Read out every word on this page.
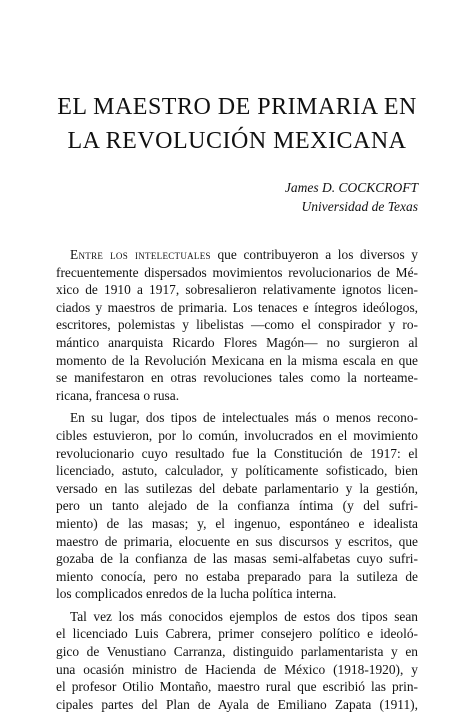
EL MAESTRO DE PRIMARIA EN
LA REVOLUCIÓN MEXICANA
James D. COCKCROFT
Universidad de Texas
Entre los intelectuales que contribuyeron a los diversos y
frecuentemente dispersados movimientos revolucionarios de Mé-
xico de 1910 a 1917, sobresalieron relativamente ignotos licen-
ciados y maestros de primaria. Los tenaces e íntegros ideólogos,
escritores, polemistas y libelistas —como el conspirador y ro-
mántico anarquista Ricardo Flores Magón— no surgieron al
momento de la Revolución Mexicana en la misma escala en que
se manifestaron en otras revoluciones tales como la norteame-
ricana, francesa o rusa.
En su lugar, dos tipos de intelectuales más o menos recono-
cibles estuvieron, por lo común, involucrados en el movimiento
revolucionario cuyo resultado fue la Constitución de 1917: el
licenciado, astuto, calculador, y políticamente sofisticado, bien
versado en las sutilezas del debate parlamentario y la gestión,
pero un tanto alejado de la confianza íntima (y del sufri-
miento) de las masas; y, el ingenuo, espontáneo e idealista
maestro de primaria, elocuente en sus discursos y escritos, que
gozaba de la confianza de las masas semi-alfabetas cuyo sufri-
miento conocía, pero no estaba preparado para la sutileza de
los complicados enredos de la lucha política interna.
Tal vez los más conocidos ejemplos de estos dos tipos sean
el licenciado Luis Cabrera, primer consejero político e ideoló-
gico de Venustiano Carranza, distinguido parlamentarista y en
una ocasión ministro de Hacienda de México (1918-1920), y
el profesor Otilio Montaño, maestro rural que escribió las prin-
cipales partes del Plan de Ayala de Emiliano Zapata (1911),
